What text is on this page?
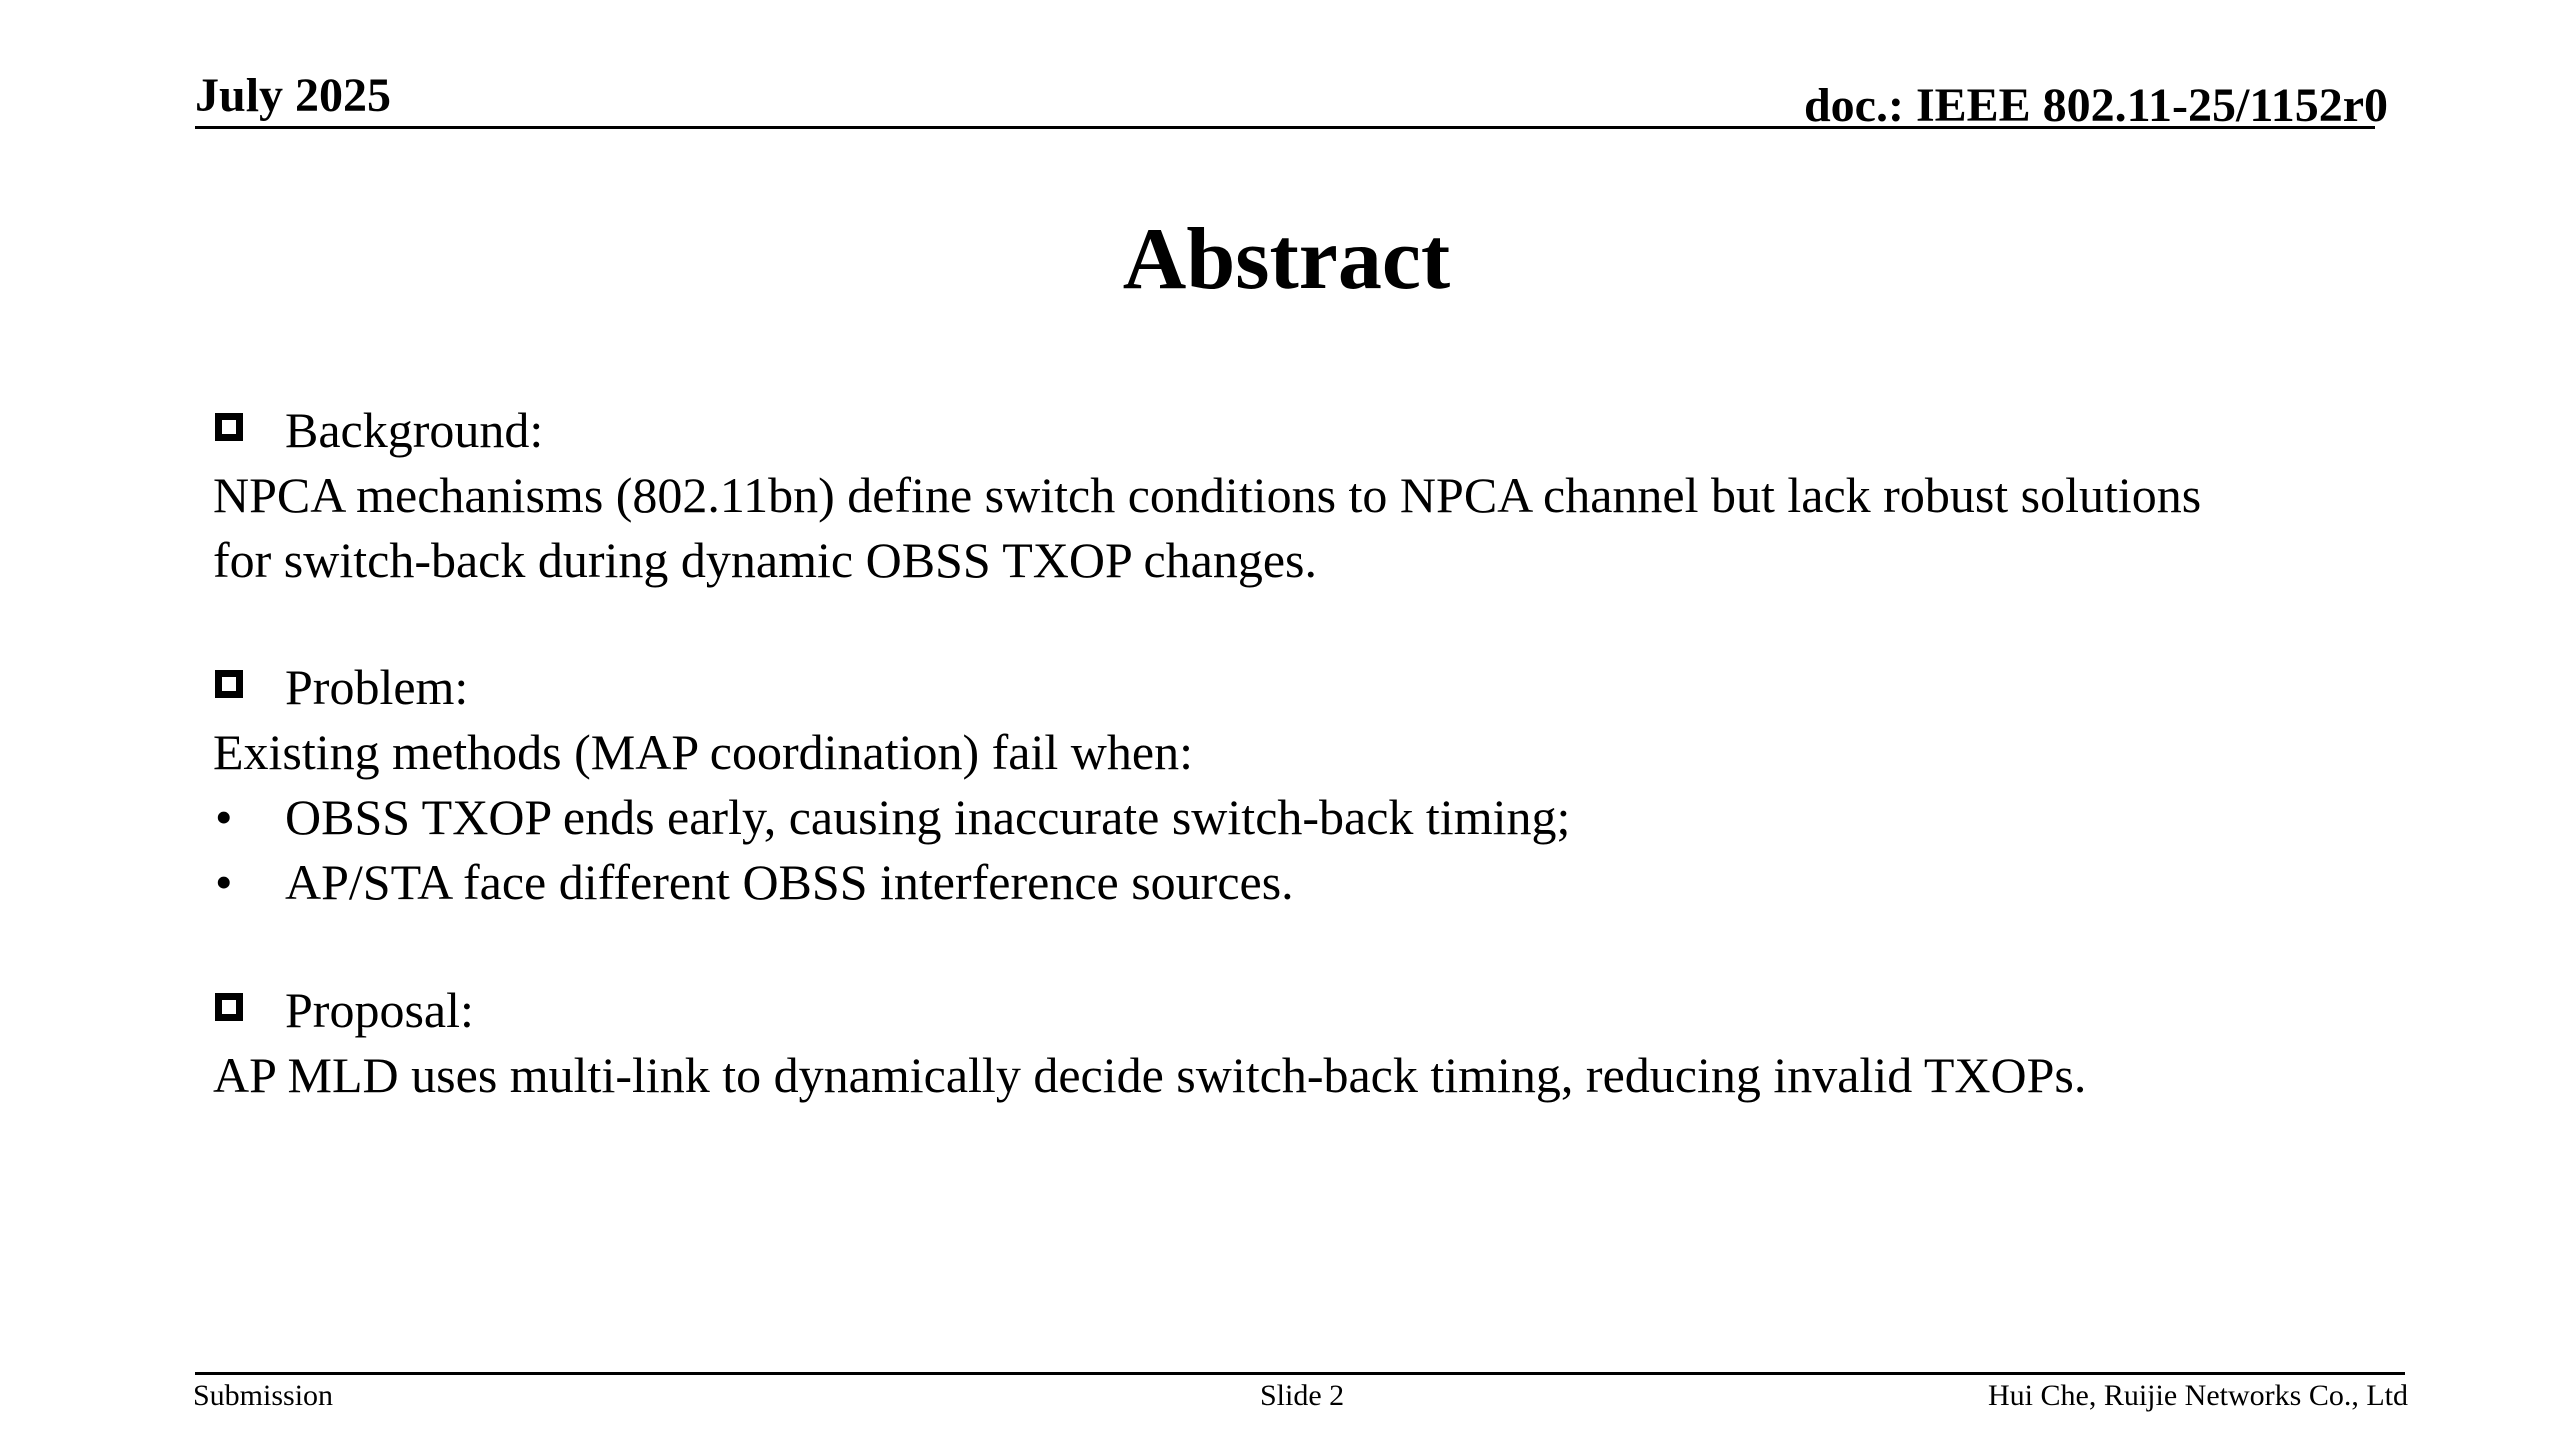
July 2025	doc.: IEEE 802.11-25/1152r0
Abstract
Background:

NPCA mechanisms (802.11bn) define switch conditions to NPCA channel but lack robust solutions

for switch-back during dynamic OBSS TXOP changes.

Problem:

Existing methods (MAP coordination) fail when:

• OBSS TXOP ends early, causing inaccurate switch-back timing;
• AP/STA face different OBSS interference sources.
Proposal:

AP MLD uses multi-link to dynamically decide switch-back timing, reducing invalid TXOPs.

Submission	Slide 2	Hui Che, Ruijie Networks Co., Ltd
